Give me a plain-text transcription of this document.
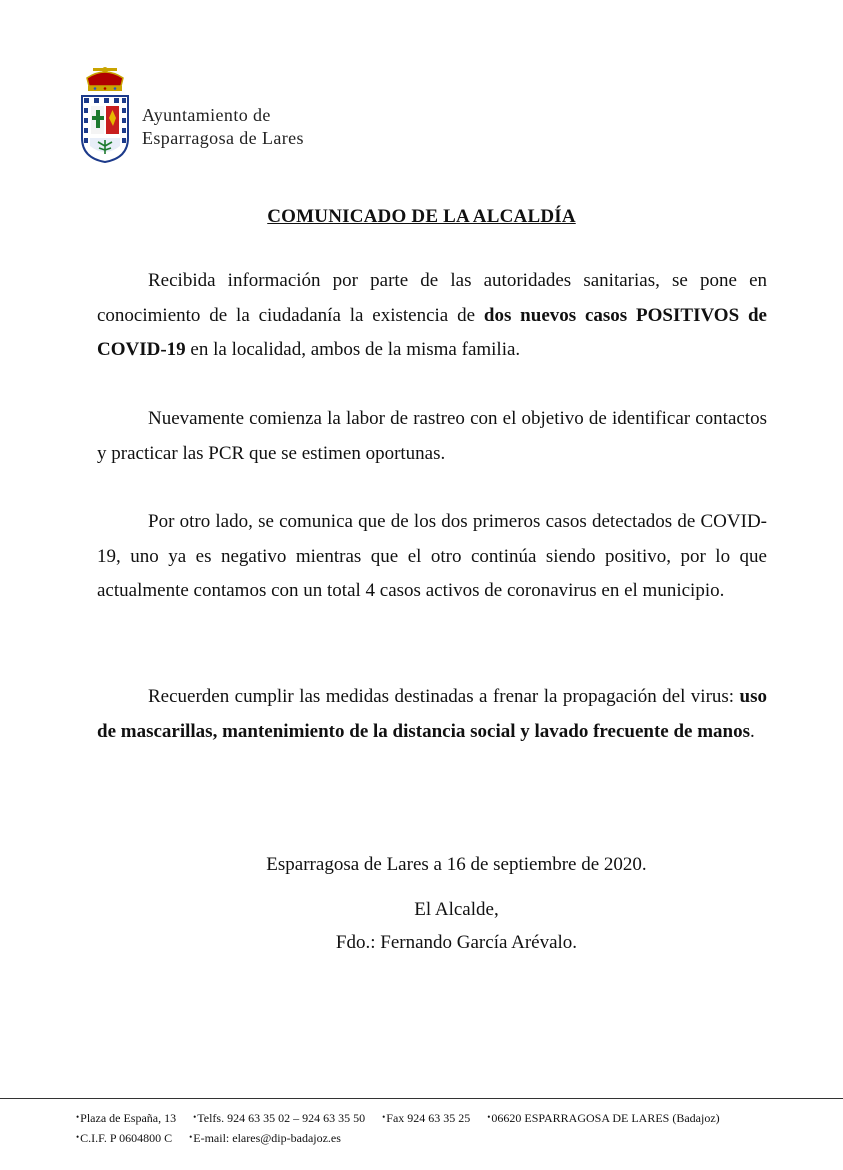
Ayuntamiento de
Esparragosa de Lares
COMUNICADO DE LA ALCALDÍA

Recibida información por parte de las autoridades sanitarias, se pone en conocimiento de la ciudadanía la existencia de dos nuevos casos POSITIVOS de COVID-19 en la localidad, ambos de la misma familia.

Nuevamente comienza la labor de rastreo con el objetivo de identificar contactos y practicar las PCR que se estimen oportunas.

Por otro lado, se comunica que de los dos primeros casos detectados de COVID-19, uno ya es negativo mientras que el otro continúa siendo positivo, por lo que actualmente contamos con un total 4 casos activos de coronavirus en el municipio.

Recuerden cumplir las medidas destinadas a frenar la propagación del virus: uso de mascarillas, mantenimiento de la distancia social y lavado frecuente de manos.

Esparragosa de Lares a 16 de septiembre de 2020.
El Alcalde,
Fdo.: Fernando García Arévalo.
•Plaza de España, 13 •Telfs. 924 63 35 02 – 924 63 35 50 •Fax 924 63 35 25 •06620 ESPARRAGOSA DE LARES (Badajoz)
•C.I.F. P 0604800 C •E-mail: elares@dip-badajoz.es
